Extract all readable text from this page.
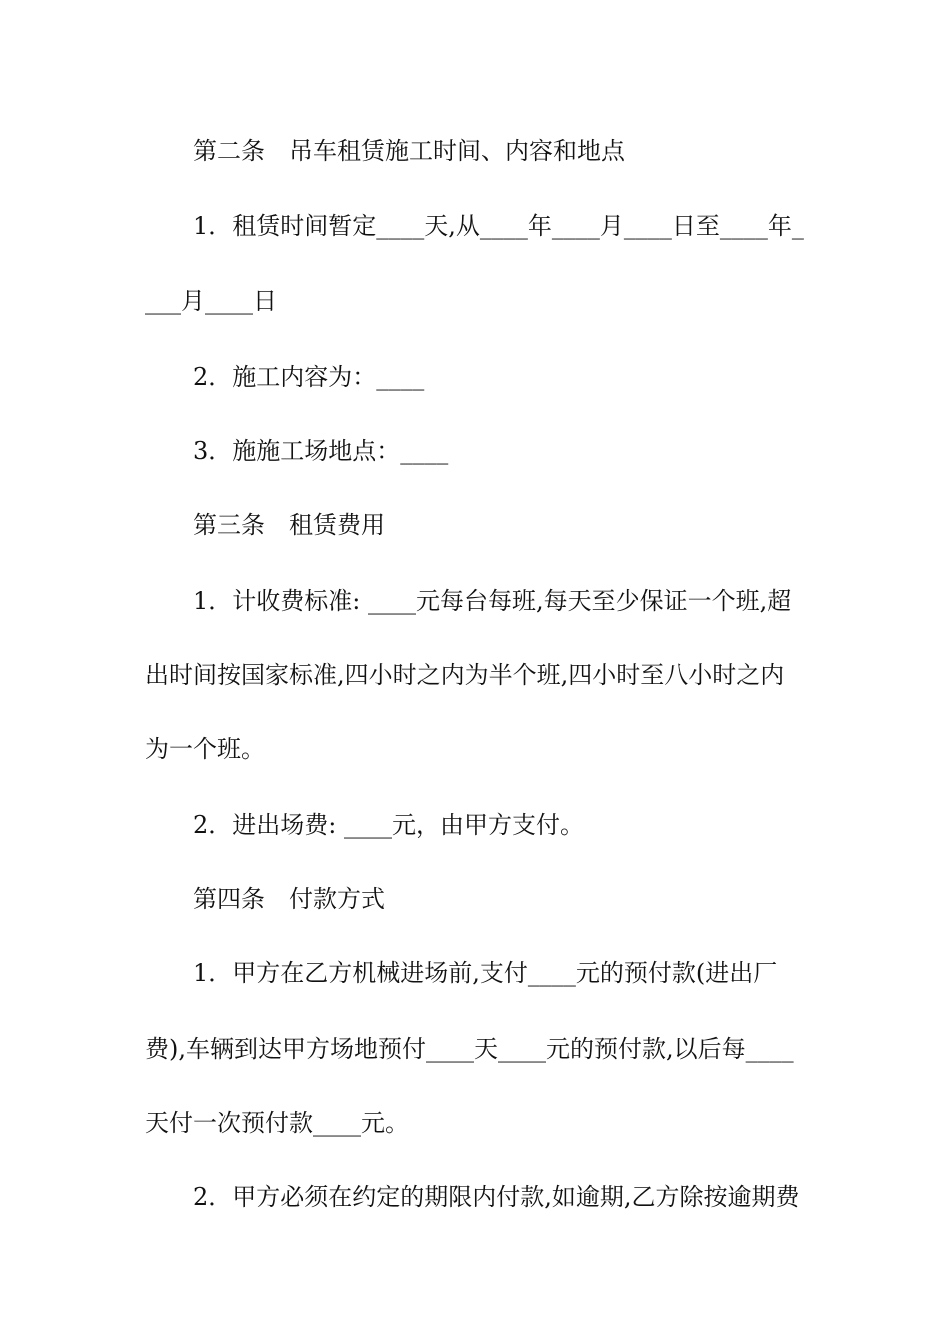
第二条　吊车租赁施工时间、内容和地点
1．租赁时间暂定____天,从____年____月____日至____年_
___月____日
2．施工内容为：____
3．施施工场地点：____
第三条　租赁费用
1．计收费标准: ____元每台每班,每天至少保证一个班,超
出时间按国家标准,四小时之内为半个班,四小时至八小时之内
为一个班。
2．进出场费: ____元，由甲方支付。
第四条　付款方式
1．甲方在乙方机械进场前,支付____元的预付款(进出厂
费),车辆到达甲方场地预付____天____元的预付款,以后每____
天付一次预付款____元。
2．甲方必须在约定的期限内付款,如逾期,乙方除按逾期费
